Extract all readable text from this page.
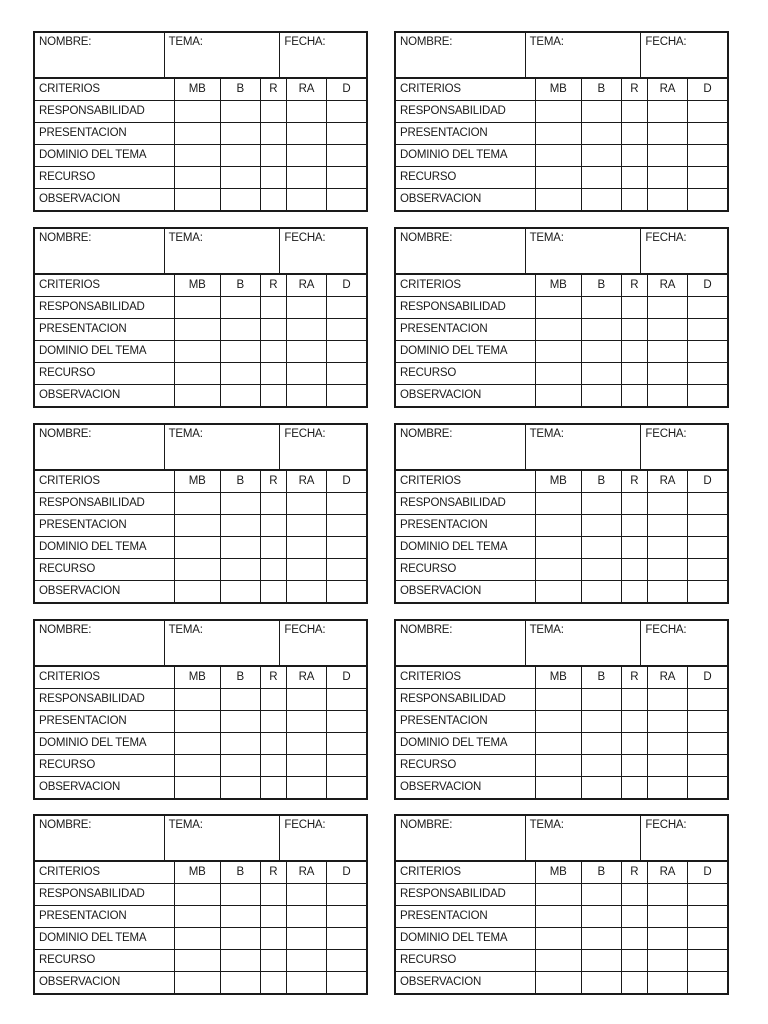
NOMBRE:	TEMA:	FECHA:
CRITERIOS	MB	B	R	RA	D
RESPONSABILIDAD					
PRESENTACION					
DOMINIO DEL TEMA					
RECURSO					
OBSERVACION					
NOMBRE:	TEMA:	FECHA:
CRITERIOS	MB	B	R	RA	D
RESPONSABILIDAD					
PRESENTACION					
DOMINIO DEL TEMA					
RECURSO					
OBSERVACION					
NOMBRE:	TEMA:	FECHA:
CRITERIOS	MB	B	R	RA	D
RESPONSABILIDAD					
PRESENTACION					
DOMINIO DEL TEMA					
RECURSO					
OBSERVACION					
NOMBRE:	TEMA:	FECHA:
CRITERIOS	MB	B	R	RA	D
RESPONSABILIDAD					
PRESENTACION					
DOMINIO DEL TEMA					
RECURSO					
OBSERVACION					
NOMBRE:	TEMA:	FECHA:
CRITERIOS	MB	B	R	RA	D
RESPONSABILIDAD					
PRESENTACION					
DOMINIO DEL TEMA					
RECURSO					
OBSERVACION					
NOMBRE:	TEMA:	FECHA:
CRITERIOS	MB	B	R	RA	D
RESPONSABILIDAD					
PRESENTACION					
DOMINIO DEL TEMA					
RECURSO					
OBSERVACION					
NOMBRE:	TEMA:	FECHA:
CRITERIOS	MB	B	R	RA	D
RESPONSABILIDAD					
PRESENTACION					
DOMINIO DEL TEMA					
RECURSO					
OBSERVACION					
NOMBRE:	TEMA:	FECHA:
CRITERIOS	MB	B	R	RA	D
RESPONSABILIDAD					
PRESENTACION					
DOMINIO DEL TEMA					
RECURSO					
OBSERVACION					
NOMBRE:	TEMA:	FECHA:
CRITERIOS	MB	B	R	RA	D
RESPONSABILIDAD					
PRESENTACION					
DOMINIO DEL TEMA					
RECURSO					
OBSERVACION					
NOMBRE:	TEMA:	FECHA:
CRITERIOS	MB	B	R	RA	D
RESPONSABILIDAD					
PRESENTACION					
DOMINIO DEL TEMA					
RECURSO					
OBSERVACION					
